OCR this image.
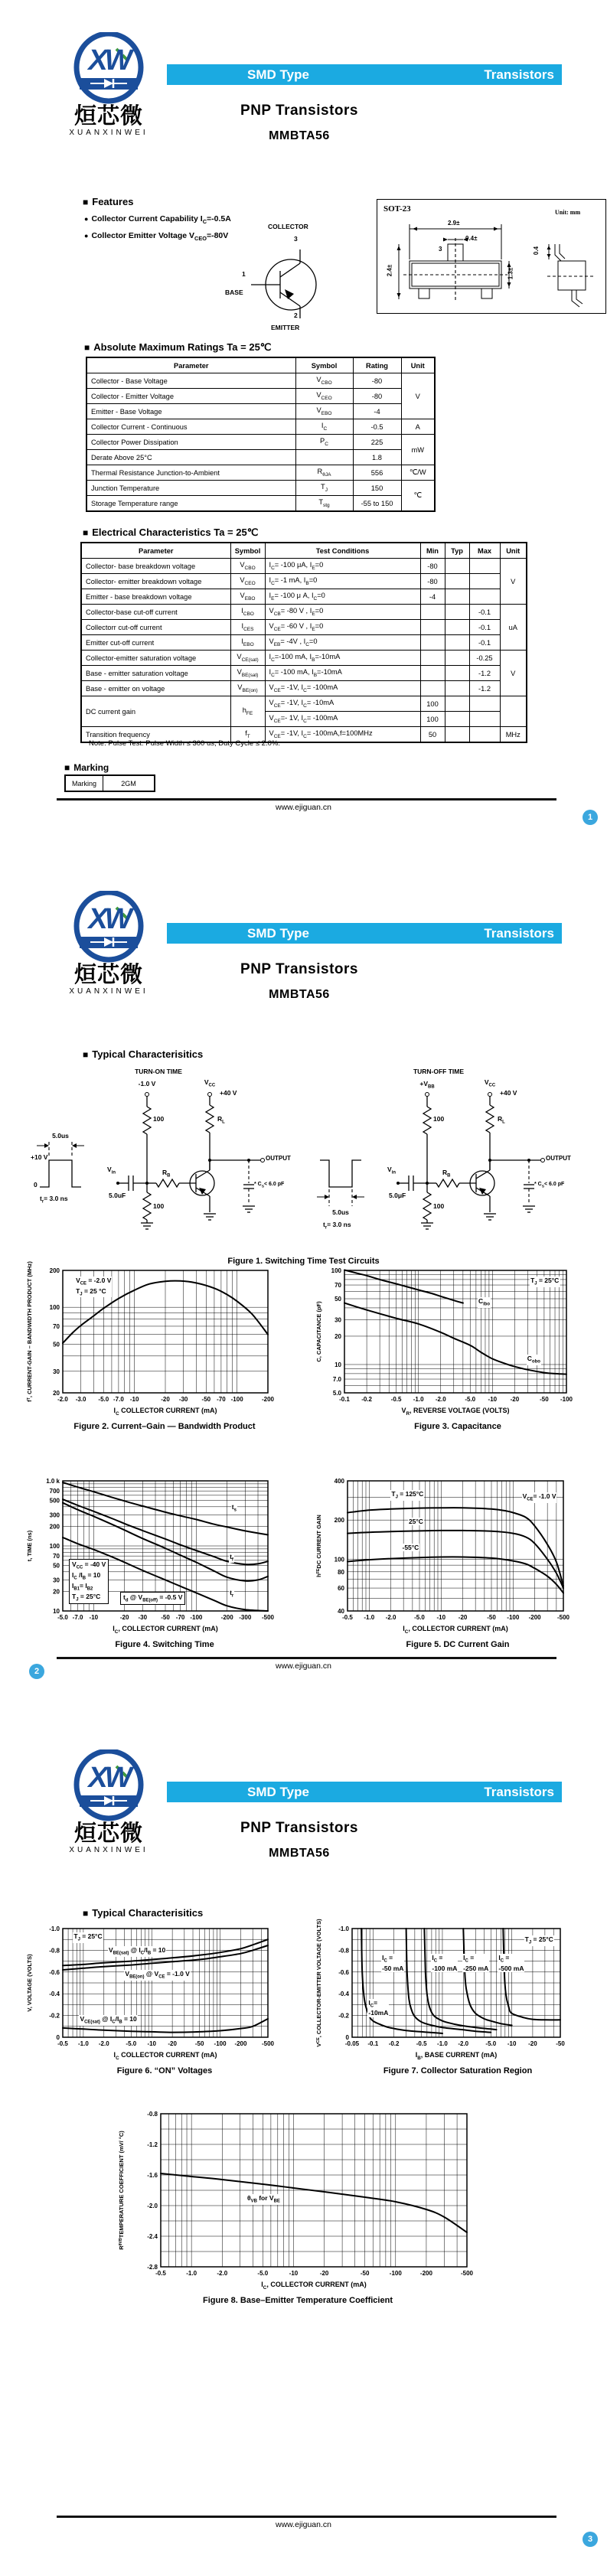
XW
烜芯微
XUANXINWEI
SMD Type	Transistors
PNP Transistors
MMBTA56
■ Features
● Collector Current Capability $I_C=-0.5A$
● Collector Emitter Voltage $V_{CEO}=-80V$
COLLECTOR
3
1
BASE
2
EMITTER
SOT-23	Unit: mm
2.9±
0.4±
3
2.4±	1.3±
0.4
■ Absolute Maximum Ratings Ta = 25℃
Parameter	Symbol	Rating	Unit
Collector - Base Voltage	$V_{CBO}$	-80	V
Collector - Emitter Voltage	$V_{CEO}$	-80	
Emitter - Base Voltage	$V_{EBO}$	-4	
Collector Current - Continuous	$I_C$	-0.5	A
Collector Power Dissipation	$P_C$	225	mW
Derate Above 25°C		1.8	
Thermal Resistance Junction-to-Ambient	$R_{\theta JA}$	556	℃/W
Junction Temperature	$T_J$	150	℃
Storage Temperature range	$T_{stg}$	-55 to 150	
■ Electrical Characteristics Ta = 25℃
Parameter	Symbol	Test Conditions	Min	Typ	Max	Unit
Collector- base breakdown voltage	$V_{CBO}$	$I_C= -100$ μA, $I_E=0$	-80			V
Collector- emitter breakdown voltage	$V_{CEO}$	$I_C= -1$ mA, $I_B=0$	-80			
Emitter - base breakdown voltage	$V_{EBO}$	$I_E= -100$ μ A, $I_C=0$	-4			
Collector-base cut-off current	$I_{CBO}$	$V_{CB}= -80$ V , $I_E=0$			-0.1	uA
Collectorr cut-off current	$I_{CES}$	$V_{CE}= -60$ V , $I_E=0$			-0.1	
Emitter cut-off current	$I_{EBO}$	$V_{EB}= -4V$ , $I_C=0$			-0.1	
Collector-emitter saturation voltage	$V_{CE(sat)}$	$I_C=-100$ mA, $I_B=-10mA$			-0.25	V
Base - emitter saturation voltage	$V_{BE(sat)}$	$I_C= -100$ mA, $I_B=-10mA$			-1.2	
Base - emitter on voltage	$V_{BE(on)}$	$V_{CE}= -1V$, $I_C= -100mA$			-1.2	
DC current gain	$h_{FE}$	$V_{CE}= -1V$, $I_C= -10mA$	100			
		$V_{CE}=-$ 1V, $I_C= -100mA$	100			
Transition frequency	$f_T$	$V_{CE}= -1V$, $I_C= -100mA,f=100MHz$	50			MHz
Note. Pulse Test: Pulse Width ≤ 300 us, Duty Cycle ≤ 2.0%.
■ Marking
Marking	2GM
www.ejiguan.cn
1
XW
烜芯微
XUANXINWEI
SMD Type	Transistors
PNP Transistors
MMBTA56
■ Typical Characterisitics
TURN-ON TIME
-1.0 V	$V_{CC}$
+40 V
100	$R_L$
OUTPUT
$V_{in}$	$R_B$
* $C_S< 6.0$ pF
5.0uF
100
5.0us
$t_r= 3.0$ ns
+10 V
0
TURN-OFF TIME
$+V_{BB}$
$V_{CC}$
+40 V
100	$R_L$
OUTPUT
$V_{in}$	$R_B$
* $C_S< 6.0$ pF
5.0μF
100
5.0us
$t_r= 3.0$ ns
Figure 1. Switching Time Test Circuits
20
30
50
70
100
200
-2.0 -3.0 -5.0 -7.0 -10	-20 -30 -50 -70 -100	-200
$V_{CE} = -2.0$ V
$T_J = 25$ °C
f
T
, CURRENT-GAIN – BANDWIDTH PRODUCT (MHz)
$I_C$ COLLECTOR CURRENT (mA)
Figure 2. Current–Gain — Bandwidth Product
5.0
7.0
10
20
30
50
70
100
-0.1 -0.2	-0.5 -1.0 -2.0	-5.0 -10 -20	-50 -100
$T_J = 25^\circ C$
$C_{ibo}$
$C_{obo}$
C, CAPACITANCE (pF)
$V_R$, REVERSE VOLTAGE (VOLTS)
Figure 3. Capacitance
10
20
30
50
70
100
200
300
500
700
1.0 k
-5.0 -7.0 -10	-20 -30 -50 -70 -100	-200 -300 -500
$V_{CC} = -40$ V
$I_C$ $/I_B = 10$
$I_{B1}= I_{B2}$
$T_J = 25^\circ C$	$t_d$ @ $V_{BE(off)} = -0.5$ V
$t_s$
$t_f$
$t_r$
t, TIME (ns)
$I_C$, COLLECTOR CURRENT (mA)
Figure 4. Switching Time
40
60
80
100
200
400
-0.5 -1.0 -2.0	-5.0 -10 -20	-50 -100 -200	-500
$T_J = 125^\circ C$
25°C
-55°C
$V_{CE}= -1.0$ V
h
FE
DC CURRENT GAIN
$I_C$, COLLECTOR CURRENT (mA)
Figure 5. DC Current Gain
www.ejiguan.cn
2
XW
烜芯微
XUANXINWEI
SMD Type	Transistors
PNP Transistors
MMBTA56
■ Typical Characterisitics
0
-0.2
-0.4
-0.6
-0.8
-1.0
-0.5 -1.0 -2.0	-5.0 -10 -20	-50 -100 -200 -500
$T_J = 25^\circ C$
$V_{BE(sat)}$ @ $I_C/I_B = 10$
$V_{BE(on)}$ @ $V_{CE} = -1.0$ V
$V_{CE(sat)}$ @ $I_C/I_B = 10$
V, VOLTAGE (VOLTS)
$I_C$ COLLECTOR CURRENT (mA)
Figure 6. “ON” Voltages
0
-0.2
-0.4
-0.6
-0.8
-1.0
-0.05 -0.1 -0.2	-0.5 -1.0 -2.0	-5.0 -10 -20	-50
$T_J = 25^\circ C$
$I_C=$
-10mA
$I_C$ =
-50 mA
$I_C$ =
-100 mA
$I_C$ =
-250 mA
$I_C$ =
-500 mA
V
CE
, COLLECTOR-EMITTER VOLTAGE (VOLTS)
$I_B$, BASE CURRENT (mA)
Figure 7. Collector Saturation Region
-0.8
-1.2
-1.6
-2.0
-2.4
-2.8
-0.5	-1.0	-2.0	-5.0	-10	-20	-50	-100	-200	-500
$\theta_{VB}$ for $V_{BE}$
R
θVB
TEMPERATURE COEFFICIENT (mV/ °C)
$I_C$, COLLECTOR CURRENT (mA)
Figure 8. Base–Emitter Temperature Coefficient
www.ejiguan.cn
3
